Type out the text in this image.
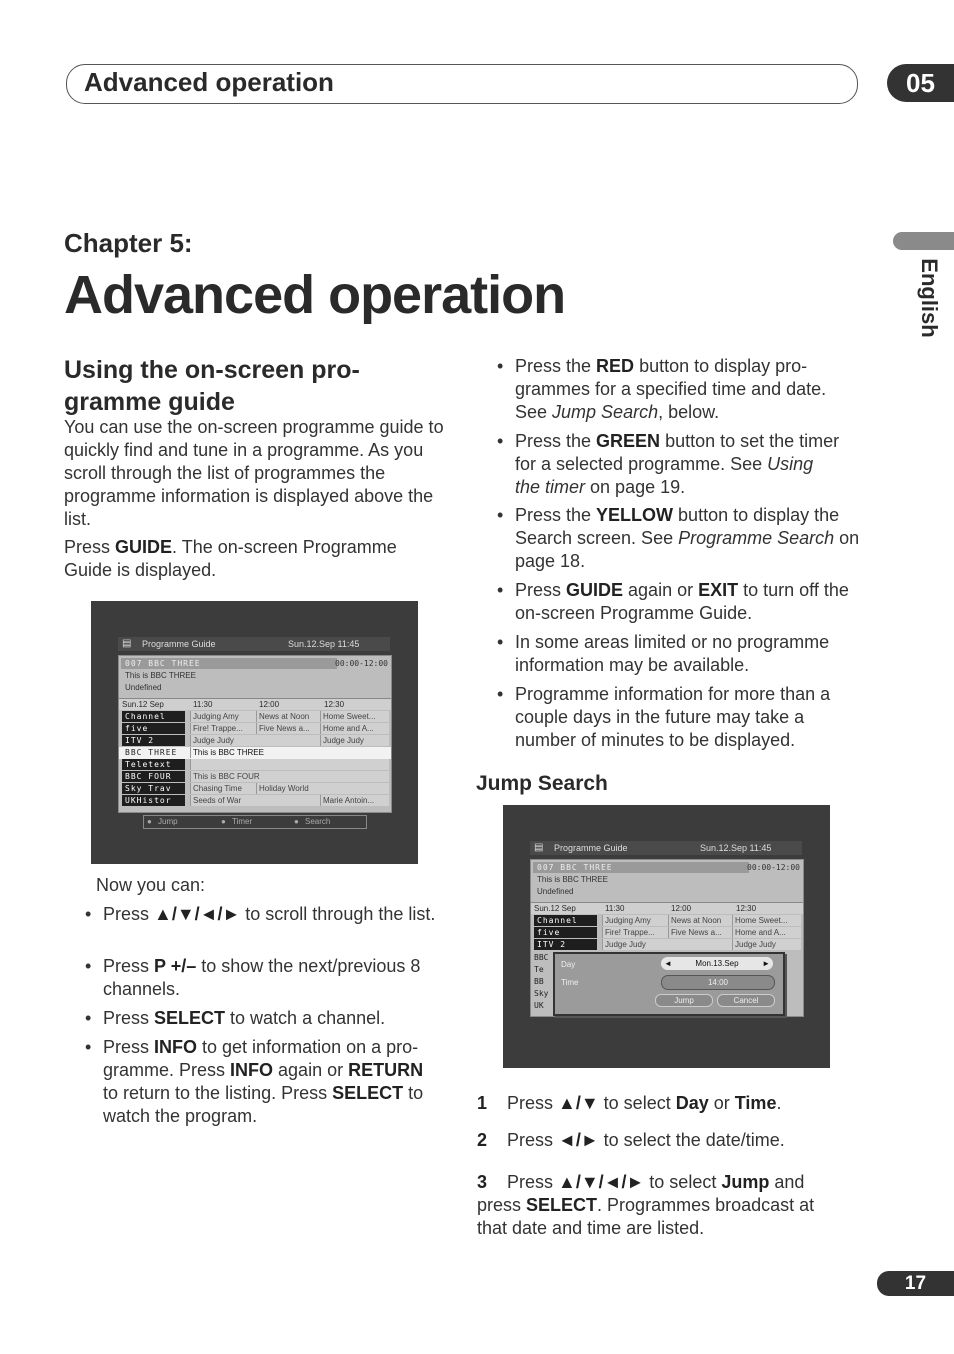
Advanced operation	05
English
Chapter 5:
Advanced operation
Using the on-screen pro-
gramme guide
You can use the on-screen programme guide to quickly find and tune in a programme. As you scroll through the list of programmes the programme information is displayed above the list.
Press GUIDE. The on-screen Programme Guide is displayed.
▤ Programme Guide	Sun.12.Sep 11:45
007 BBC THREE	00:00-12:00
This is BBC THREE
Undefined
Sun.12 Sep	11:30	12:00	12:30
Channel	Judging Amy	News at Noon	Home Sweet...
five	Fire! Trappe...	Five News a...	Home and A...
ITV 2	Judge Judy	Judge Judy
BBC THREE	This is BBC THREE
Teletext
BBC FOUR	This is BBC FOUR
Sky Trav	Chasing Time	Holiday World
UKHistor	Seeds of War	Marie Antoin...
● Jump	● Timer	● Search
Now you can:
• Press ▲/▼/◄/► to scroll through the list.
• Press P +/– to show the next/previous 8 channels.
• Press SELECT to watch a channel.
• Press INFO to get information on a pro-gramme. Press INFO again or RETURN to return to the listing. Press SELECT to watch the program.
• Press the RED button to display pro-grammes for a specified time and date. See Jump Search, below.
• Press the GREEN button to set the timer for a selected programme. See Using the timer on page 19.
• Press the YELLOW button to display the Search screen. See Programme Search on page 18.
• Press GUIDE again or EXIT to turn off the on-screen Programme Guide.
• In some areas limited or no programme information may be available.
• Programme information for more than a couple days in the future may take a number of minutes to be displayed.
Jump Search
▤ Programme Guide	Sun.12.Sep 11:45
007 BBC THREE	00:00-12:00
This is BBC THREE
Undefined
Sun.12 Sep	11:30	12:00	12:30
Channel	Judging Amy	News at Noon	Home Sweet...
five	Fire! Trappe...	Five News a...	Home and A...
ITV 2	Judge Judy	Judge Judy
BBC
Te
BB
Sky
UK
Day	◄	Mon.13.Sep	►
Time	14:00
Jump	Cancel
1 Press ▲/▼ to select Day or Time.
2 Press ◄/► to select the date/time.
3 Press ▲/▼/◄/► to select Jump and press SELECT. Programmes broadcast at that date and time are listed.
17
